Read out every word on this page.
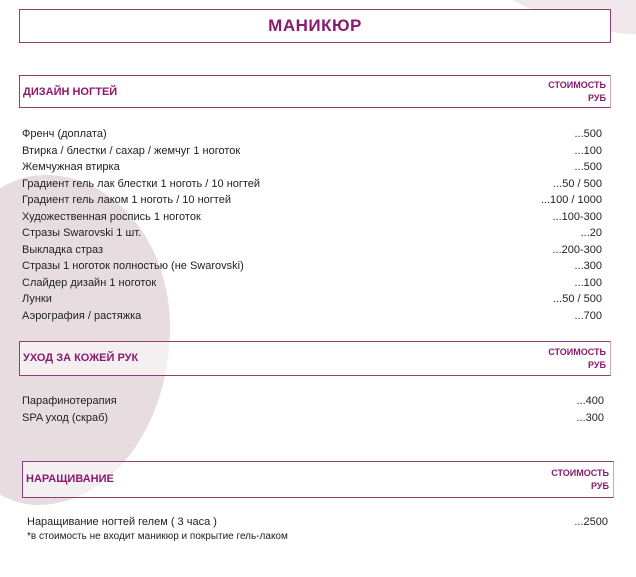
МАНИКЮР
ДИЗАЙН НОГТЕЙ
СТОИМОСТЬ
РУБ
Френч (доплата)	...500
Втирка / блестки / сахар / жемчуг 1 ноготок	...100
Жемчужная втирка	...500
Градиент гель лак блестки 1 ноготь / 10 ногтей	...50 / 500
Градиент гель лаком 1 ноготь / 10 ногтей	...100 / 1000
Художественная роспись 1 ноготок	...100-300
Стразы Swarovski 1 шт.	...20
Выкладка страз	...200-300
Стразы 1 ноготок полностью (не Swarovski)	...300
Слайдер дизайн 1 ноготок	...100
Лунки	...50 / 500
Аэрография / растяжка	...700
УХОД ЗА КОЖЕЙ РУК	СТОИМОСТЬ
РУБ
Парафинотерапия	...400
SPA уход (скраб)	...300
НАРАЩИВАНИЕ	СТОИМОСТЬ
РУБ
Наращивание ногтей гелем ( 3 часа )	...2500
*в стоимость не входит маникюр и покрытие гель-лаком
